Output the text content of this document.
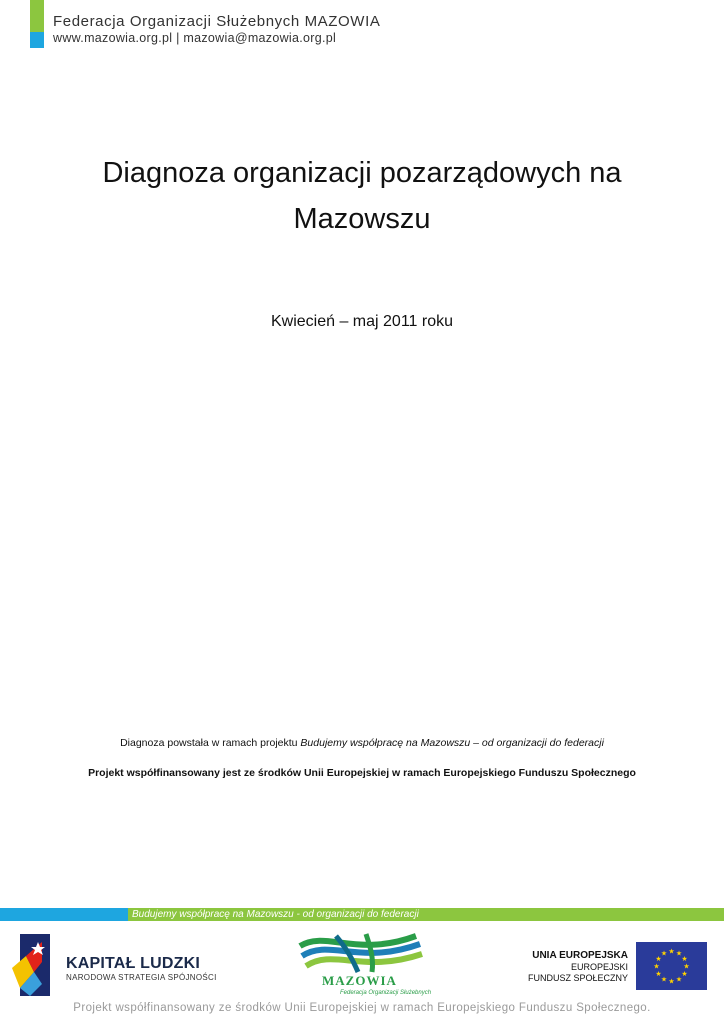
Federacja Organizacji Służebnych MAZOWIA
www.mazowia.org.pl | mazowia@mazowia.org.pl
Diagnoza organizacji pozarządowych na
Mazowszu
Kwiecień – maj 2011 roku
Diagnoza powstała w ramach projektu Budujemy współpracę na Mazowszu – od organizacji do federacji
Projekt współfinansowany jest ze środków Unii Europejskiej w ramach Europejskiego Funduszu Społecznego
Budujemy współpracę na Mazowszu - od organizacji do federacji
KAPITAŁ LUDZKI
NARODOWA STRATEGIA SPÓJNOŚCI	MAZOWIA
Federacja Organizacji Służebnych
UNIA EUROPEJSKA
EUROPEJSKI
FUNDUSZ SPOŁECZNY
★ ★
★
★
★
★
★
★
★
★
★
★
Projekt współfinansowany ze środków Unii Europejskiej w ramach Europejskiego Funduszu Społecznego.
